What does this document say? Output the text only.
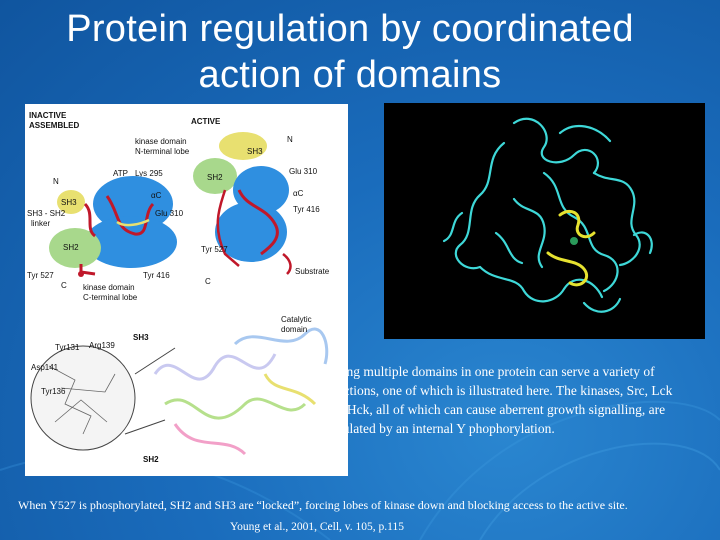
Protein regulation by coordinated
action of domains
INACTIVE
ASSEMBLED
kinase domain
N-terminal lobe
ATP Lys 295
N
SH3
SH2
SH3 - SH2
linker
αC
Glu 310
Tyr 527
C
Tyr 416
kinase domain
C-terminal lobe
ACTIVE
SH3
N
SH2
Glu 310
αC
Tyr 416
Tyr 527
C
Substrate
Tyr131 Arg139
Asp141
Tyr136
SH3
Catalytic
domain
SH2
aving multiple domains in one protein can serve a variety of
unctions, one of which is illustrated here. The kinases, Src, Lck
nd Hck, all of which can cause aberrent growth signalling, are
egulated by an internal Y phophorylation.
When Y527 is phosphorylated, SH2 and SH3 are “locked”, forcing lobes of kinase down and blocking access to the active site.
Young et al., 2001, Cell, v. 105, p.115
